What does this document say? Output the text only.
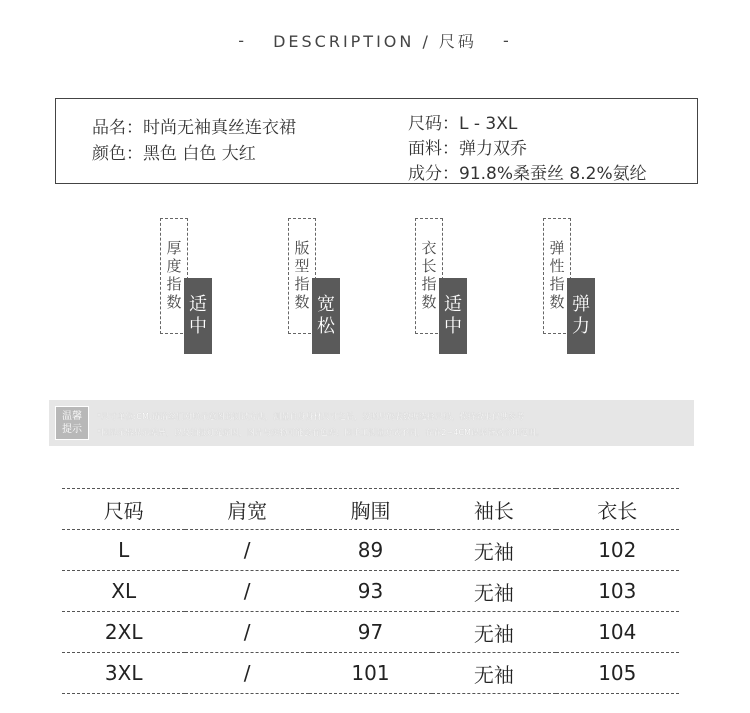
- DESCRIPTION / 尺码 -
品名：时尚无袖真丝连衣裙
颜色：黑色 白色 大红
尺码：L - 3XL
面料：弹力双乔
成分：91.8%桑蚕丝 8.2%氨纶
厚
度
指
数 适
中
版
型
指
数 宽
松
衣
长
指
数 适
中
弹
性
指
数 弹
力
温馨
提示
*尺寸单位:CM,请谙丝们对照示意图的测试方法，测量自身身材尺寸之后，按照尺码表数据选择尺码，模特效果仅供参考
*因显示器显示差异，以及拍摄灯光原因，图片与实物可能会有色差；因手工测量方式不同，存在2~4CM误差皆属合理范围。
尺码	肩宽	胸围	袖长	衣长
L	/	89	无袖	102
XL	/	93	无袖	103
2XL	/	97	无袖	104
3XL	/	101	无袖	105
